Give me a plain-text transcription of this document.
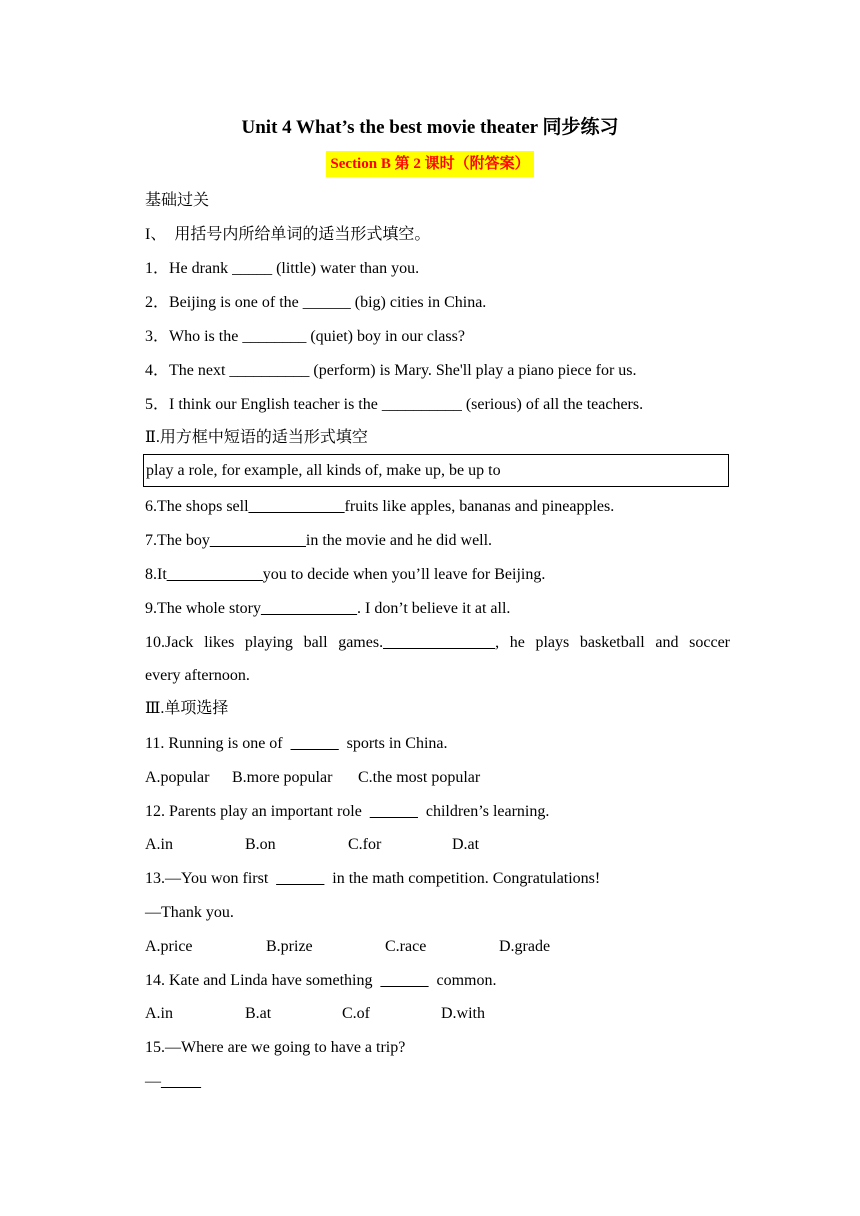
Unit 4 What’s the best movie theater 同步练习
Section B 第 2 课时（附答案）
基础过关
I、  用括号内所给单词的适当形式填空。
1．He drank _____ (little) water than you.
2．Beijing is one of the ______ (big) cities in China.
3．Who is the ________ (quiet) boy in our class?
4．The next __________ (perform) is Mary. She'll play a piano piece for us.
5．I think our English teacher is the __________ (serious) of all the teachers.
Ⅱ.用方框中短语的适当形式填空
play a role, for example, all kinds of, make up, be up to
6.The shops sell____________fruits like apples, bananas and pineapples.
7.The boy____________in the movie and he did well.
8.It____________you to decide when you’ll leave for Beijing.
9.The whole story____________. I don’t believe it at all.
10.Jack likes playing ball games.______________, he plays basketball and soccer
every afternoon.
Ⅲ.单项选择
11. Running is one of  ______  sports in China.
A.popular B.more popular C.the most popular
12. Parents play an important role  ______  children’s learning.
A.in	B.on	C.for	D.at
13.—You won first  ______  in the math competition. Congratulations!
—Thank you.
A.price	B.prize	C.race	D.grade
14. Kate and Linda have something  ______  common.
A.in	B.at	C.of	D.with
15.—Where are we going to have a trip?
—_____
